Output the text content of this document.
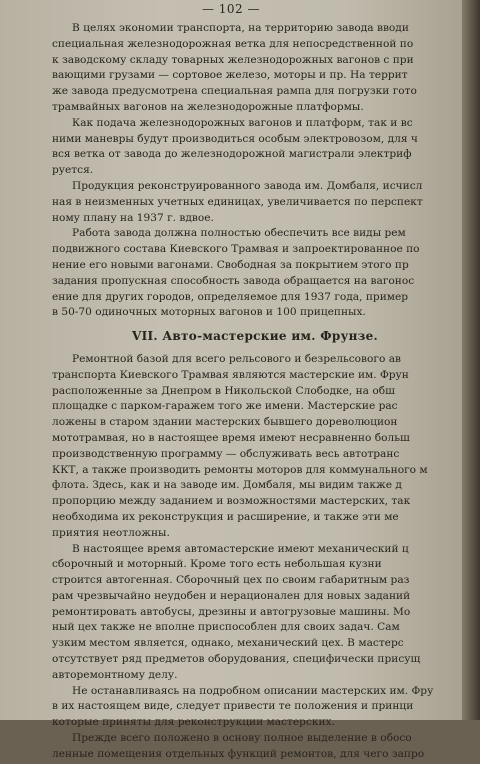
— 102 —

В целях экономии транспорта, на территорию завода вводи

специальная железнодорожная ветка для непосредственной по

к заводскому складу товарных железнодорожных вагонов с при

вающими грузами — сортовое железо, моторы и пр. На террит

же завода предусмотрена специальная рампа для погрузки гото

трамвайных вагонов на железнодорожные платформы.

Как подача железнодорожных вагонов и платформ, так и вс

ними маневры будут производиться особым электровозом, для ч

вся ветка от завода до железнодорожной магистрали электриф

руется.

Продукция реконструированного завода им. Домбаля, исчисл

ная в неизменных учетных единицах, увеличивается по перспект

ному плану на 1937 г. вдвое.

Работа завода должна полностью обеспечить все виды рем

подвижного состава Киевского Трамвая и запроектированное по

нение его новыми вагонами. Свободная за покрытием этого пр

задания пропускная способность завода обращается на вагонос

ение для других городов, определяемое для 1937 года, пример

в 50-70 одиночных моторных вагонов и 100 прицепных.

VII. Авто-мастерские им. Фрунзе.

Ремонтной базой для всего рельсового и безрельсового ав

транспорта Киевского Трамвая являются мастерские им. Фрун

расположенные за Днепром в Никольской Слободке, на обш

площадке с парком-гаражем того же имени. Мастерские рас

ложены в старом здании мастерских бывшего дореволюцион

мототрамвая, но в настоящее время имеют несравненно больш

производственную программу — обслуживать весь автотранс

ККТ, а также производить ремонты моторов для коммунального м

флота. Здесь, как и на заводе им. Домбаля, мы видим также д

пропорцию между заданием и возможностями мастерских, так

необходима их реконструкция и расширение, и также эти ме

приятия неотложны.

В настоящее время автомастерские имеют механический ц

сборочный и моторный. Кроме того есть небольшая кузни

строится автогенная. Сборочный цех по своим габаритным раз

рам чрезвычайно неудобен и нерационален для новых заданий

ремонтировать автобусы, дрезины и автогрузовые машины. Мо

ный цех также не вполне приспособлен для своих задач. Сам

узким местом является, однако, механический цех. В мастерс

отсутствует ряд предметов оборудования, специфически присущ

авторемонтному делу.

Не останавливаясь на подробном описании мастерских им. Фру

в их настоящем виде, следует привести те положения и принци

которые приняты для реконструкции мастерских.

Прежде всего положено в основу полное выделение в обосо

ленные помещения отдельных функций ремонтов, для чего запро
